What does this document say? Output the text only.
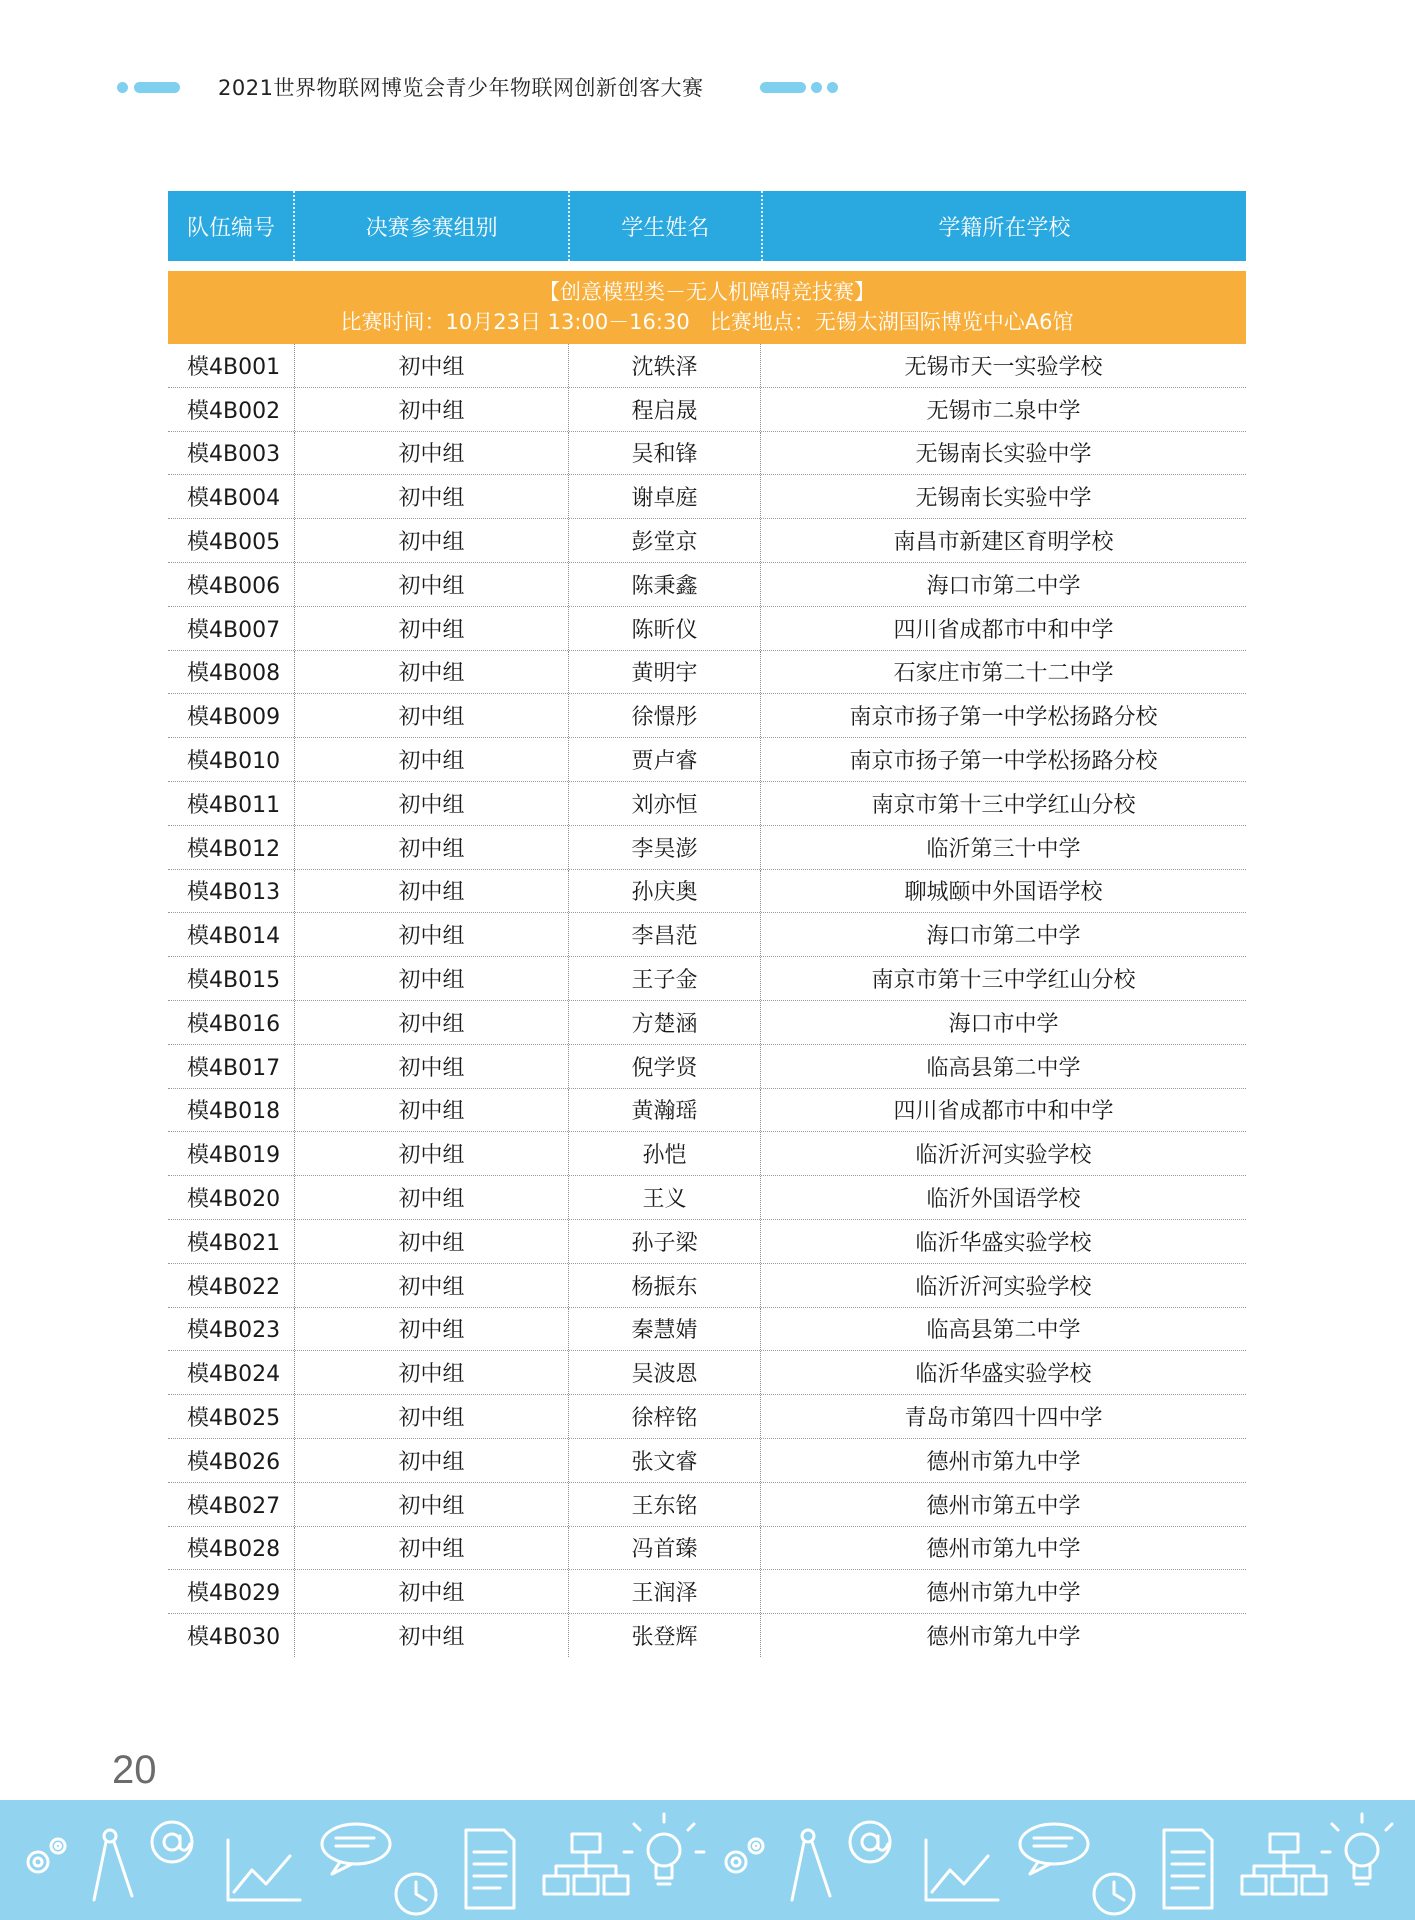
2021世界物联网博览会青少年物联网创新创客大赛
队伍编号	决赛参赛组别	学生姓名	学籍所在学校
【创意模型类－无人机障碍竞技赛】
比赛时间：10月23日 13:00－16:30   比赛地点：无锡太湖国际博览中心A6馆
模4B001	初中组	沈轶泽	无锡市天一实验学校
模4B002	初中组	程启晟	无锡市二泉中学
模4B003	初中组	吴和锋	无锡南长实验中学
模4B004	初中组	谢卓庭	无锡南长实验中学
模4B005	初中组	彭堂京	南昌市新建区育明学校
模4B006	初中组	陈秉鑫	海口市第二中学
模4B007	初中组	陈昕仪	四川省成都市中和中学
模4B008	初中组	黄明宇	石家庄市第二十二中学
模4B009	初中组	徐憬彤	南京市扬子第一中学松扬路分校
模4B010	初中组	贾卢睿	南京市扬子第一中学松扬路分校
模4B011	初中组	刘亦恒	南京市第十三中学红山分校
模4B012	初中组	李昊澎	临沂第三十中学
模4B013	初中组	孙庆奥	聊城颐中外国语学校
模4B014	初中组	李昌范	海口市第二中学
模4B015	初中组	王子金	南京市第十三中学红山分校
模4B016	初中组	方楚涵	海口市中学
模4B017	初中组	倪学贤	临高县第二中学
模4B018	初中组	黄瀚瑶	四川省成都市中和中学
模4B019	初中组	孙恺	临沂沂河实验学校
模4B020	初中组	王义	临沂外国语学校
模4B021	初中组	孙子梁	临沂华盛实验学校
模4B022	初中组	杨振东	临沂沂河实验学校
模4B023	初中组	秦慧婧	临高县第二中学
模4B024	初中组	吴波恩	临沂华盛实验学校
模4B025	初中组	徐梓铭	青岛市第四十四中学
模4B026	初中组	张文睿	德州市第九中学
模4B027	初中组	王东铭	德州市第五中学
模4B028	初中组	冯首臻	德州市第九中学
模4B029	初中组	王润泽	德州市第九中学
模4B030	初中组	张登辉	德州市第九中学
20
